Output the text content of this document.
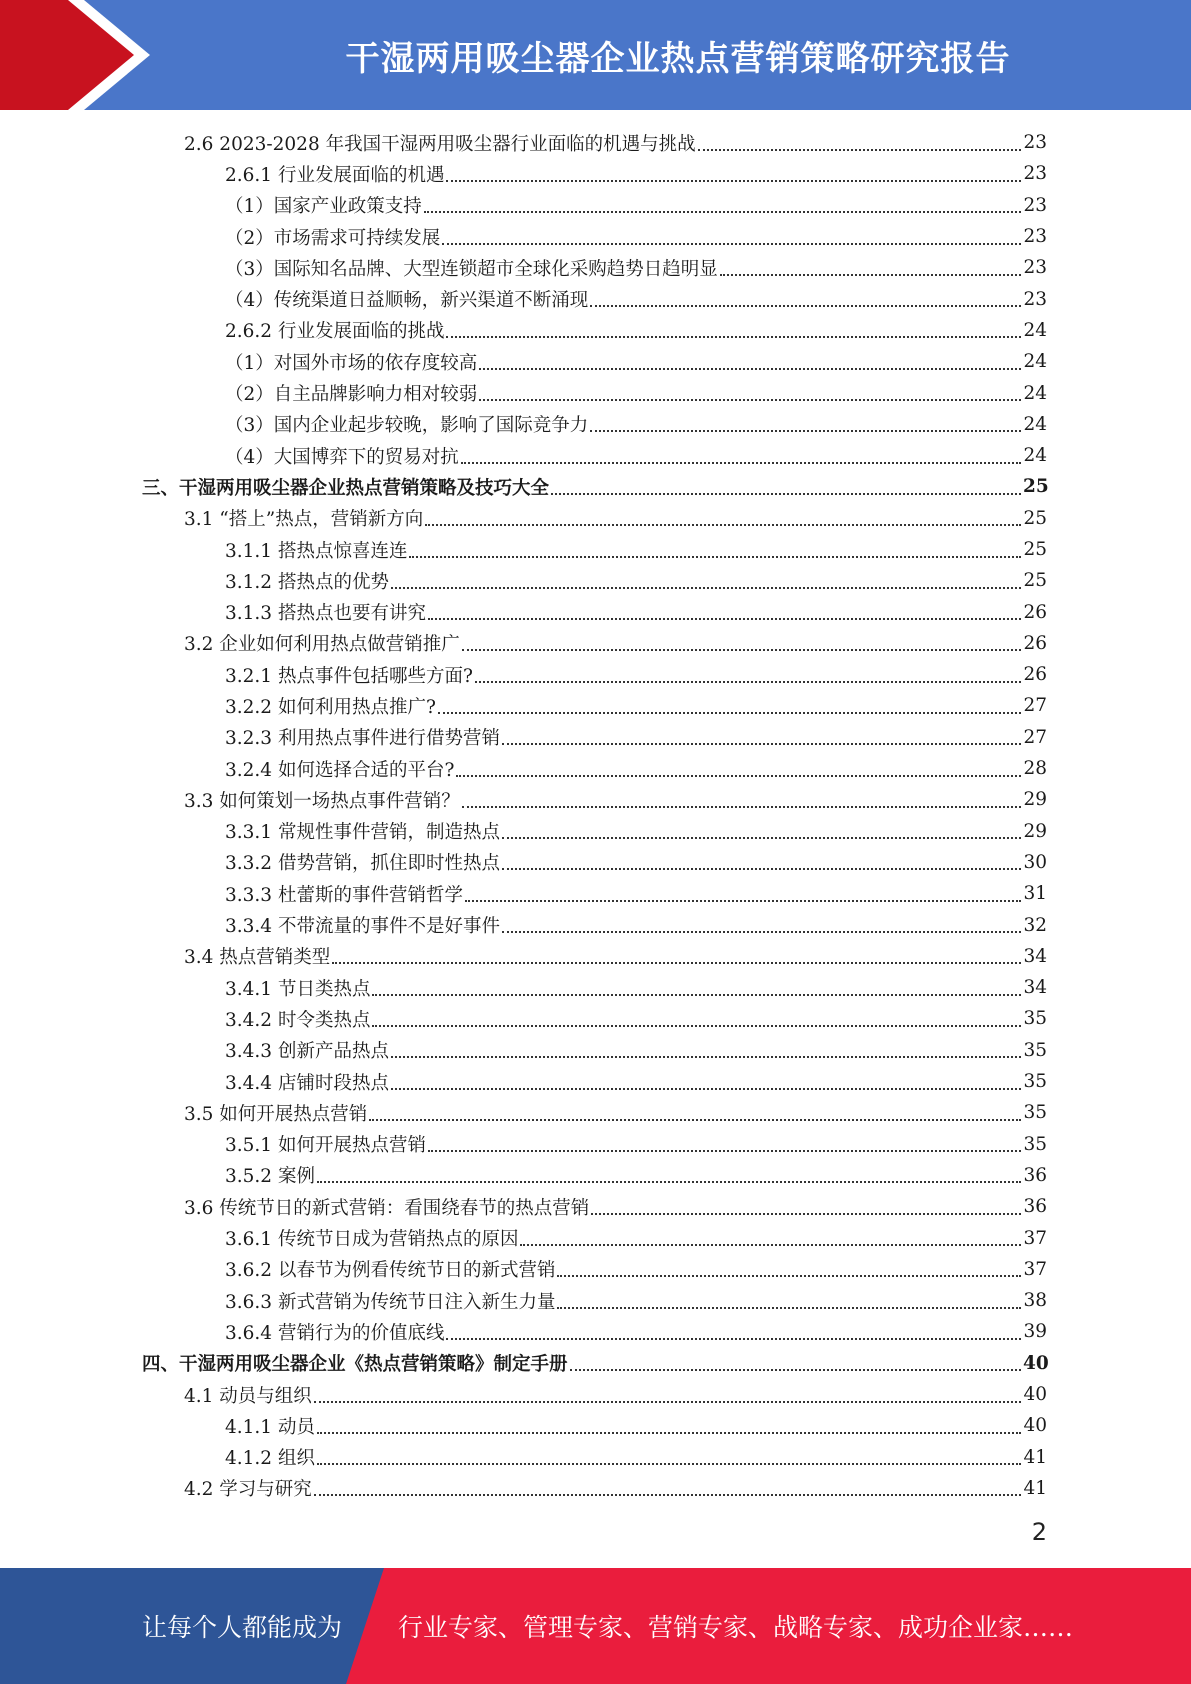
干湿两用吸尘器企业热点营销策略研究报告
2.6 2023-2028 年我国干湿两用吸尘器行业面临的机遇与挑战	23
2.6.1 行业发展面临的机遇	23
（1）国家产业政策支持	23
（2）市场需求可持续发展	23
（3）国际知名品牌、大型连锁超市全球化采购趋势日趋明显	23
（4）传统渠道日益顺畅，新兴渠道不断涌现	23
2.6.2 行业发展面临的挑战	24
（1）对国外市场的依存度较高	24
（2）自主品牌影响力相对较弱	24
（3）国内企业起步较晚，影响了国际竞争力	24
（4）大国博弈下的贸易对抗	24
三、干湿两用吸尘器企业热点营销策略及技巧大全	25
3.1 “搭上”热点，营销新方向	25
3.1.1 搭热点惊喜连连	25
3.1.2 搭热点的优势	25
3.1.3 搭热点也要有讲究	26
3.2 企业如何利用热点做营销推广	26
3.2.1 热点事件包括哪些方面?	26
3.2.2 如何利用热点推广?	27
3.2.3 利用热点事件进行借势营销	27
3.2.4 如何选择合适的平台?	28
3.3 如何策划一场热点事件营销？	29
3.3.1 常规性事件营销，制造热点	29
3.3.2 借势营销，抓住即时性热点	30
3.3.3 杜蕾斯的事件营销哲学	31
3.3.4 不带流量的事件不是好事件	32
3.4 热点营销类型	34
3.4.1 节日类热点	34
3.4.2 时令类热点	35
3.4.3 创新产品热点	35
3.4.4 店铺时段热点	35
3.5 如何开展热点营销	35
3.5.1 如何开展热点营销	35
3.5.2 案例	36
3.6 传统节日的新式营销：看围绕春节的热点营销	36
3.6.1 传统节日成为营销热点的原因	37
3.6.2 以春节为例看传统节日的新式营销	37
3.6.3 新式营销为传统节日注入新生力量	38
3.6.4 营销行为的价值底线	39
四、干湿两用吸尘器企业《热点营销策略》制定手册	40
4.1 动员与组织	40
4.1.1 动员	40
4.1.2 组织	41
4.2 学习与研究	41
2
让每个人都能成为 行业专家、管理专家、营销专家、战略专家、成功企业家……
